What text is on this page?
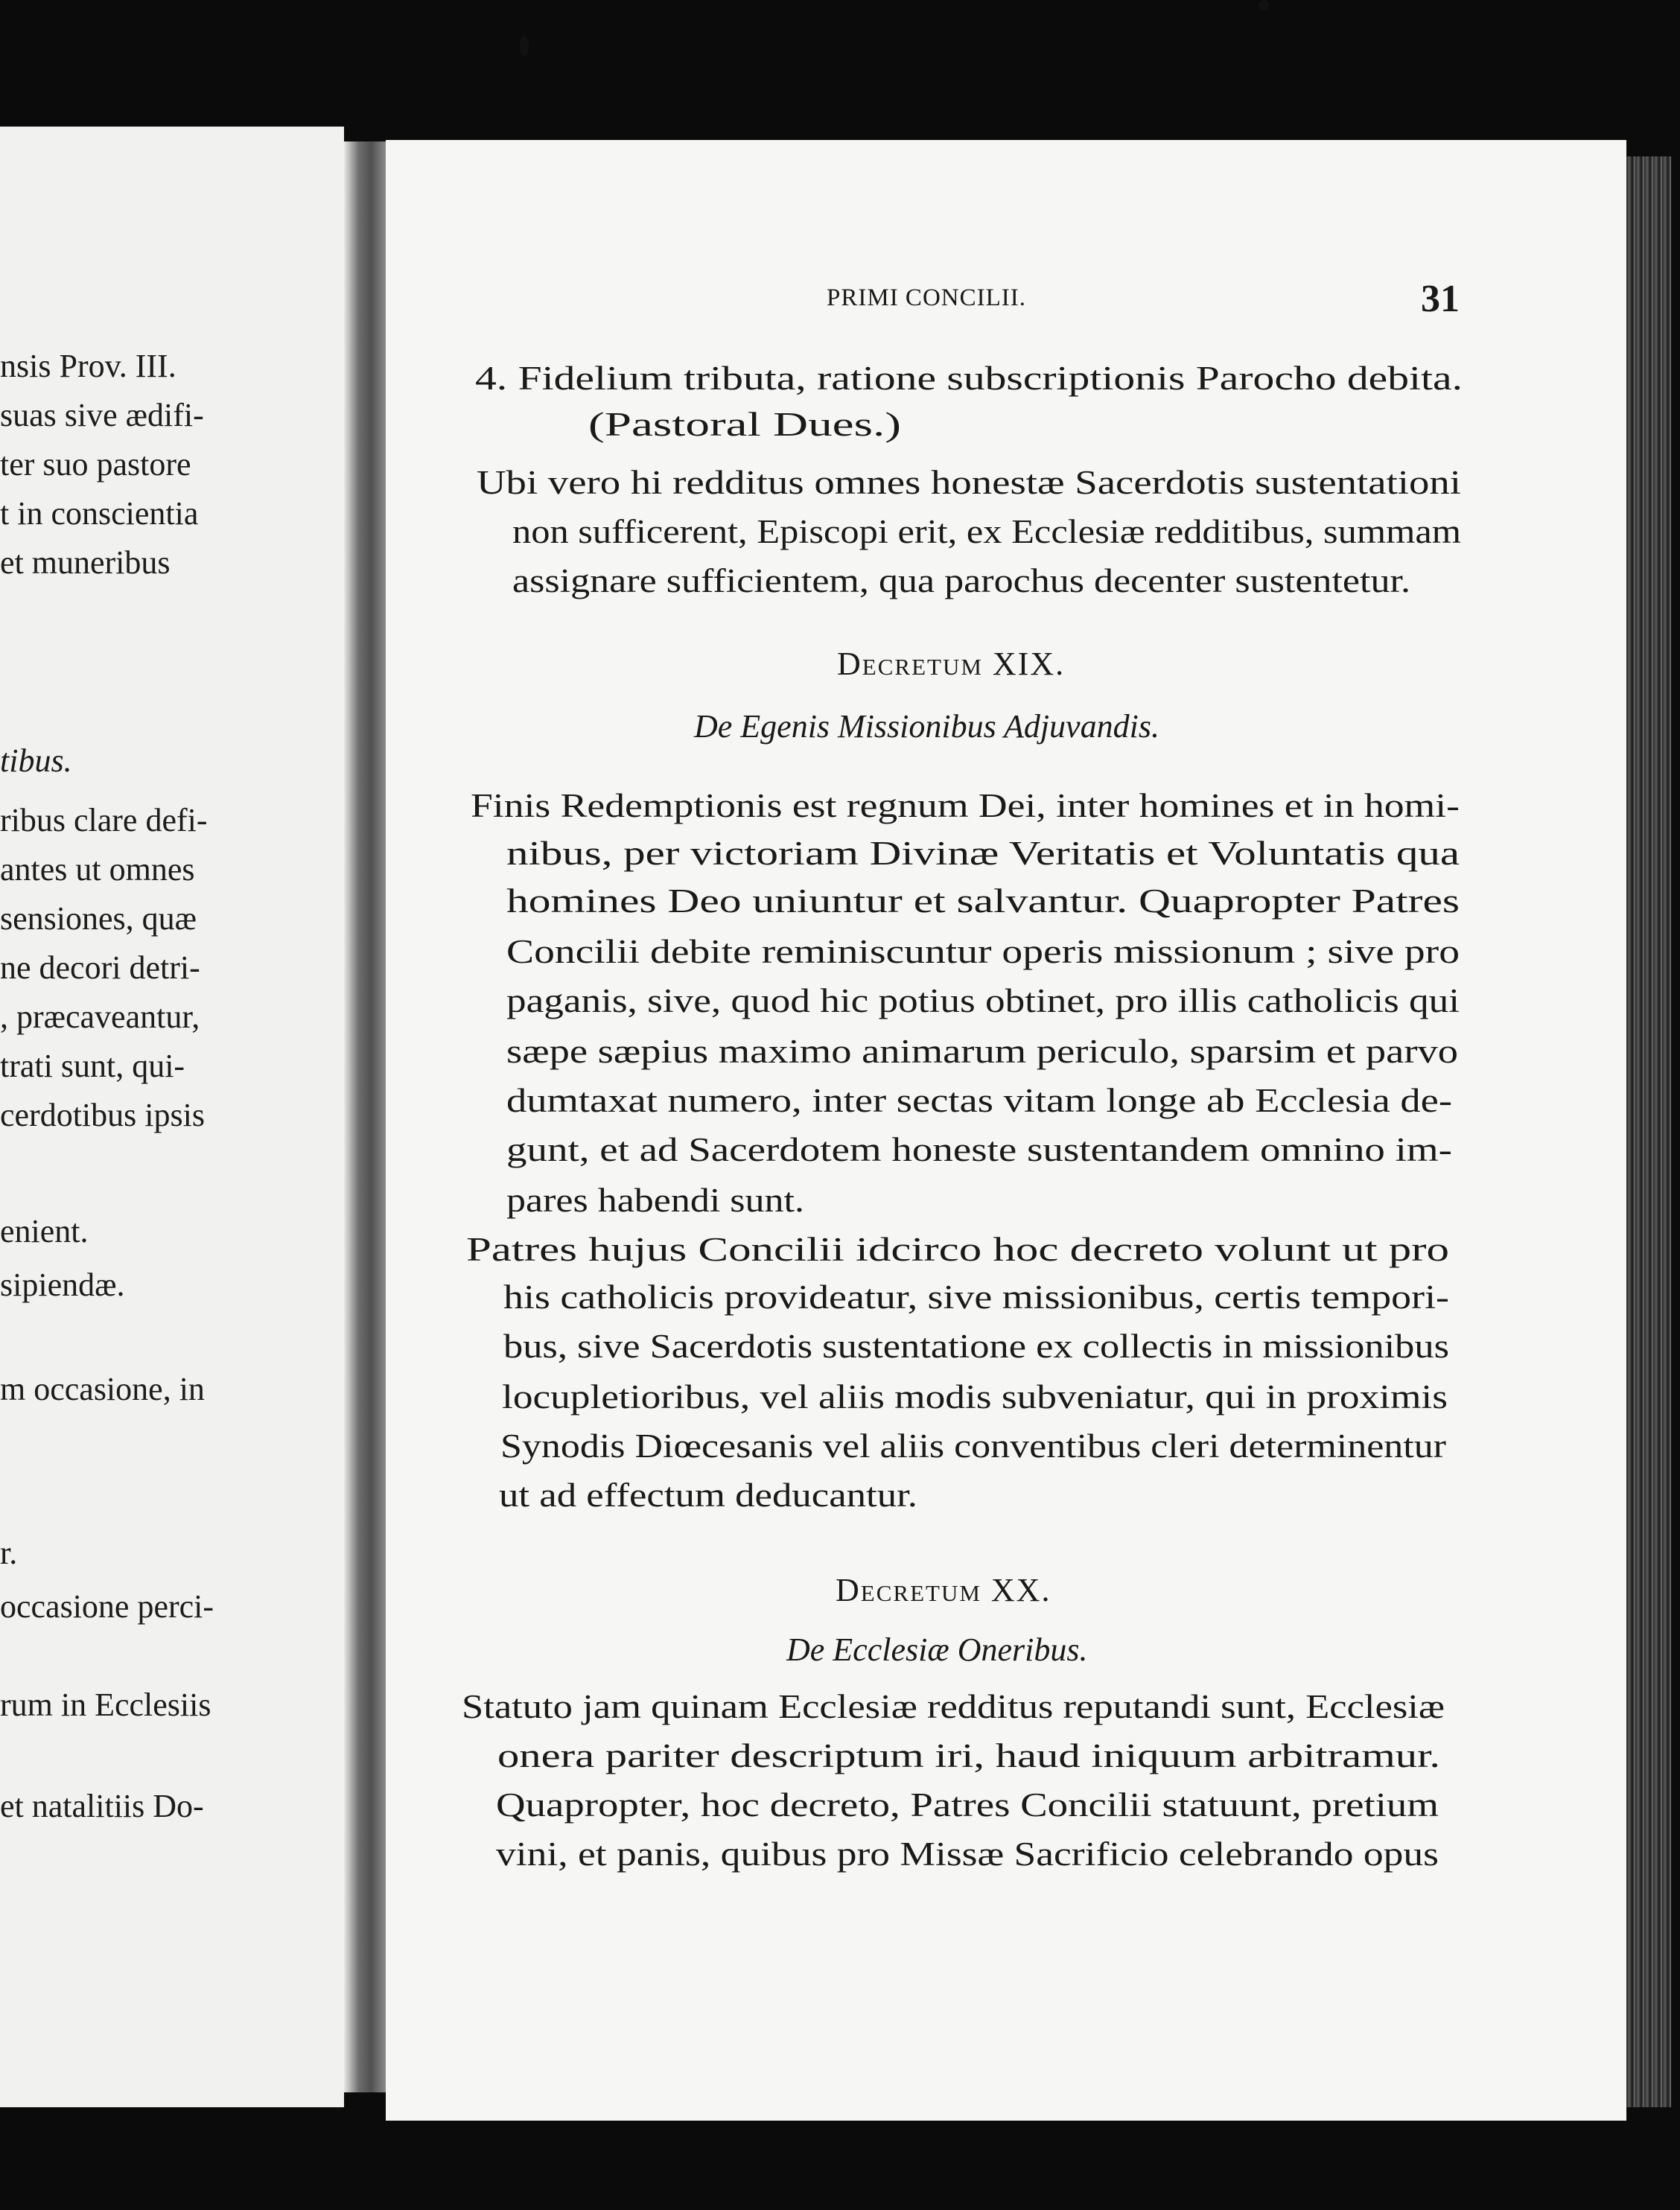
nsis Prov. III.
suas sive ædifi-
ter suo pastore
t in conscientia
et muneribus
tibus.
ribus clare defi-
antes ut omnes
sensiones, quæ
ne decori detri-
, præcaveantur,
trati sunt, qui-
cerdotibus ipsis
enient.
sipiendæ.
m occasione, in
r.
occasione perci-
rum in Ecclesiis
et natalitiis Do-
PRIMI CONCILII.	31
4. Fidelium tributa, ratione subscriptionis Parocho debita.
(Pastoral Dues.)
Ubi vero hi redditus omnes honestæ Sacerdotis sustentationi
non sufficerent, Episcopi erit, ex Ecclesiæ redditibus, summam
assignare sufficientem, qua parochus decenter sustentetur.
Finis Redemptionis est regnum Dei, inter homines et in homi-
nibus, per victoriam Divinæ Veritatis et Voluntatis qua
homines Deo uniuntur et salvantur. Quapropter Patres
Concilii debite reminiscuntur operis missionum ; sive pro
paganis, sive, quod hic potius obtinet, pro illis catholicis qui
sæpe sæpius maximo animarum periculo, sparsim et parvo
dumtaxat numero, inter sectas vitam longe ab Ecclesia de-
gunt, et ad Sacerdotem honeste sustentandem omnino im-
pares habendi sunt.
Patres hujus Concilii idcirco hoc decreto volunt ut pro
his catholicis provideatur, sive missionibus, certis tempori-
bus, sive Sacerdotis sustentatione ex collectis in missionibus
locupletioribus, vel aliis modis subveniatur, qui in proximis
Synodis Diœcesanis vel aliis conventibus cleri determinentur
ut ad effectum deducantur.
Statuto jam quinam Ecclesiæ redditus reputandi sunt, Ecclesiæ
onera pariter descriptum iri, haud iniquum arbitramur.
Quapropter, hoc decreto, Patres Concilii statuunt, pretium
vini, et panis, quibus pro Missæ Sacrificio celebrando opus
Decretum XIX.
De Egenis Missionibus Adjuvandis.
Decretum XX.
De Ecclesiæ Oneribus.
